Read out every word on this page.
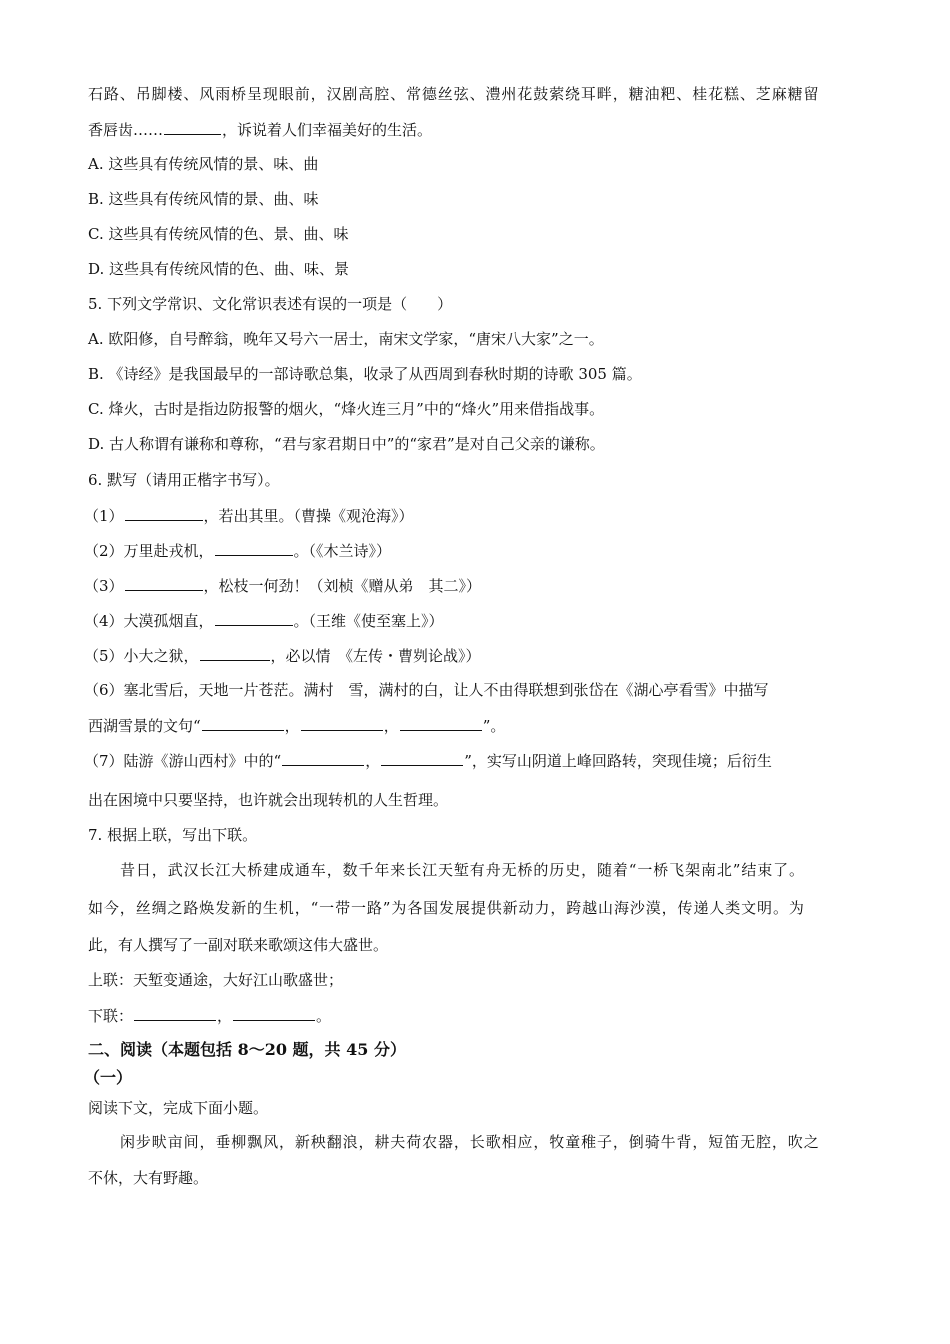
石路、吊脚楼、风雨桥呈现眼前，汉剧高腔、常德丝弦、澧州花鼓萦绕耳畔，糖油粑、桂花糕、芝麻糖留
香唇齿……	，诉说着人们幸福美好的生活。
A. 这些具有传统风情的景、味、曲
B. 这些具有传统风情的景、曲、味
C. 这些具有传统风情的色、景、曲、味
D. 这些具有传统风情的色、曲、味、景
5. 下列文学常识、文化常识表述有误的一项是（　　）
A. 欧阳修，自号醉翁，晚年又号六一居士，南宋文学家，“唐宋八大家”之一。
B. 《诗经》是我国最早的一部诗歌总集，收录了从西周到春秋时期的诗歌 305 篇。
C. 烽火，古时是指边防报警的烟火，“烽火连三月”中的“烽火”用来借指战事。
D. 古人称谓有谦称和尊称，“君与家君期日中”的“家君”是对自己父亲的谦称。
6. 默写（请用正楷字书写）。
（1）	，若出其里。（曹操《观沧海》）
（2）万里赴戎机，	。（《木兰诗》）
（3）	，松枝一何劲！（刘桢《赠从弟　其二》）
（4）大漠孤烟直，	。（王维《使至塞上》）
（5）小大之狱，	，必以情　《左传・曹刿论战》）
（6）塞北雪后，天地一片苍茫。满村　雪，满村的白，让人不由得联想到张岱在《湖心亭看雪》中描写
西湖雪景的文句“	，	，	”。
（7）陆游《游山西村》中的“	，	”，实写山阴道上峰回路转，突现佳境；后衍生
出在困境中只要坚持，也许就会出现转机的人生哲理。
7. 根据上联，写出下联。
昔日，武汉长江大桥建成通车，数千年来长江天堑有舟无桥的历史，随着“一桥飞架南北”结束了。
如今，丝绸之路焕发新的生机，“一带一路”为各国发展提供新动力，跨越山海沙漠，传递人类文明。为
此，有人撰写了一副对联来歌颂这伟大盛世。
上联：天堑变通途，大好江山歌盛世；
下联：	，	。
二、阅读（本题包括 8～20 题，共 45 分）
（一）
阅读下文，完成下面小题。
闲步畎亩间，垂柳飘风，新秧翻浪，耕夫荷农器，长歌相应，牧童稚子，倒骑牛背，短笛无腔，吹之
不休，大有野趣。
